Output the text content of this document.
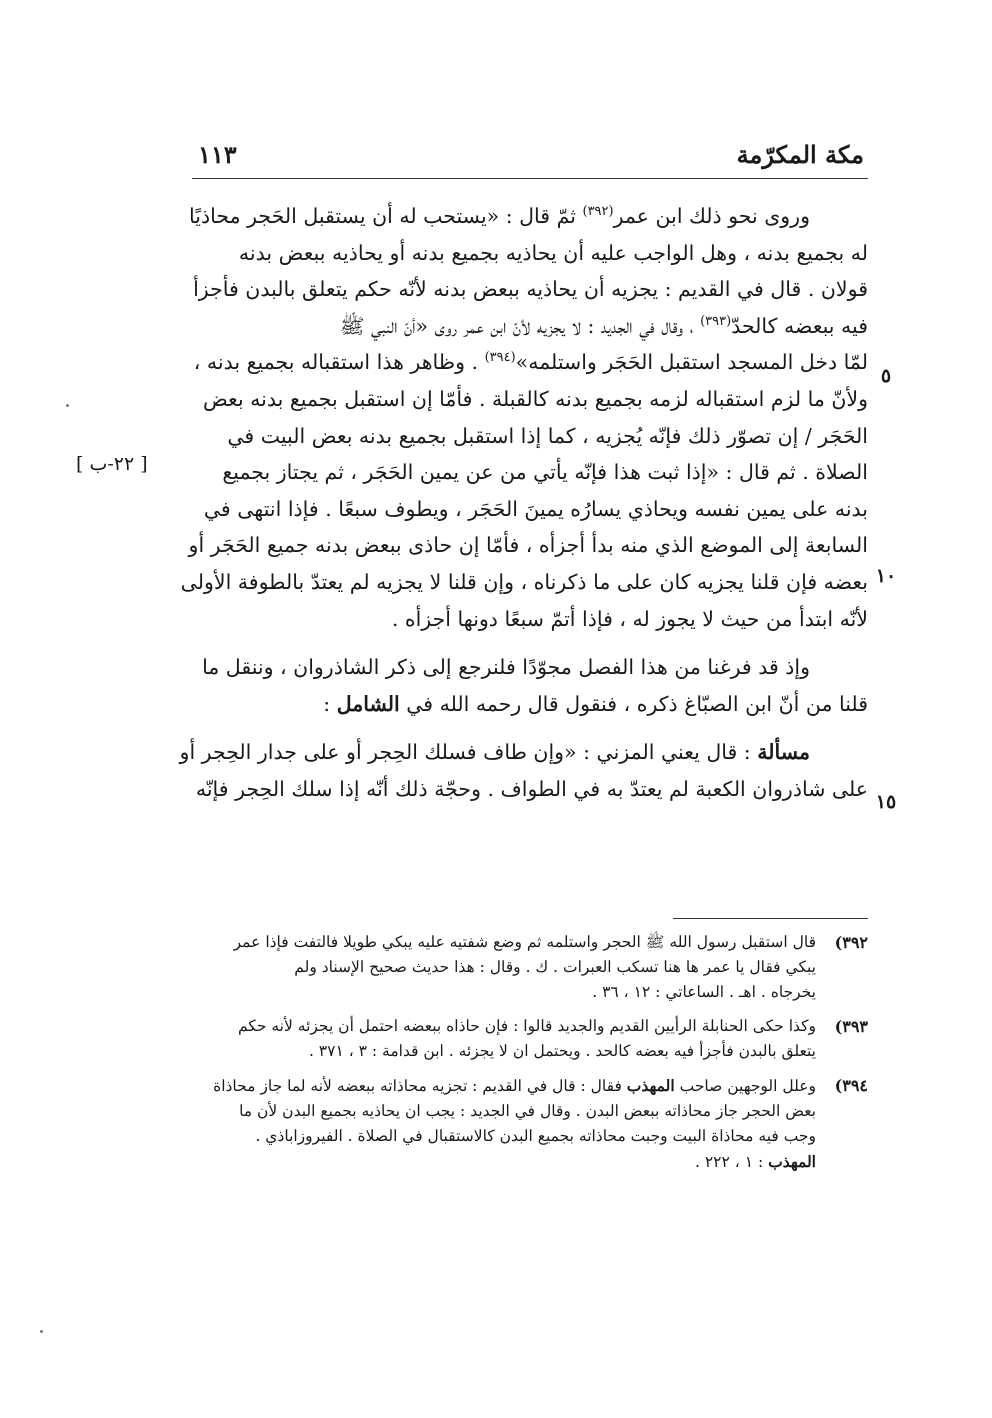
مكة المكرّمة
١١٣
٥
١٠
١٥
[ ٢٢-ب ]
وروى نحو ذلك ابن عمر$^{(٣٩٢)}$ ثمّ قال : «يستحب له أن يستقبل الحَجر محاذيًا
له بجميع بدنه ، وهل الواجب عليه أن يحاذيه بجميع بدنه أو يحاذيه ببعض بدنه
قولان . قال في القديم : يجزيه أن يحاذيه ببعض بدنه لأنّه حكم يتعلق بالبدن فأجزأ
فيه ببعضه كالحدّ$^{(٣٩٣)}$ ، وقال في الجديد : لا يجزيه لأنّ ابن عمر روى «أنّ النبي ﷺ
لمّا دخل المسجد استقبل الحَجَر واستلمه»$^{(٣٩٤)}$ . وظاهر هذا استقباله بجميع بدنه ،
ولأنّ ما لزم استقباله لزمه بجميع بدنه كالقبلة . فأمّا إن استقبل بجميع بدنه بعض
الحَجَر / إن تصوّر ذلك فإنّه يُجزيه ، كما إذا استقبل بجميع بدنه بعض البيت في
الصلاة . ثم قال : «إذا ثبت هذا فإنّه يأتي من عن يمين الحَجَر ، ثم يجتاز بجميع
بدنه على يمين نفسه ويحاذي يسارُه يمينَ الحَجَر ، ويطوف سبعًا . فإذا انتهى في
السابعة إلى الموضع الذي منه بدأ أجزأه ، فأمّا إن حاذى ببعض بدنه جميع الحَجَر أو
بعضه فإن قلنا يجزيه كان على ما ذكرناه ، وإن قلنا لا يجزيه لم يعتدّ بالطوفة الأولى
لأنّه ابتدأ من حيث لا يجوز له ، فإذا أتمّ سبعًا دونها أجزأه .
وإذ قد فرغنا من هذا الفصل مجوّدًا فلنرجع إلى ذكر الشاذروان ، وننقل ما
قلنا من أنّ ابن الصبّاغ ذكره ، فنقول قال رحمه الله في الشامل :
مسألة : قال يعني المزني : «وإن طاف فسلك الحِجر أو على جدار الحِجر أو
على شاذروان الكعبة لم يعتدّ به في الطواف . وحجّة ذلك أنّه إذا سلك الحِجر فإنّه
٣٩٢)
قال استقبل رسول الله ﷺ الحجر واستلمه ثم وضع شفتيه عليه يبكي طويلا فالتفت فإذا عمر
يبكي فقال يا عمر ها هنا تسكب العبرات . ك . وقال : هذا حديث صحيح الإسناد ولم
يخرجاه . اهـ . الساعاتي : ١٢ ، ٣٦ .
٣٩٣)
وكذا حكى الحنابلة الرأيين القديم والجديد قالوا : فإن حاذاه ببعضه احتمل أن يجزئه لأنه حكم
يتعلق بالبدن فأجزأ فيه بعضه كالحد . ويحتمل ان لا يجزئه . ابن قدامة : ٣ ، ٣٧١ .
٣٩٤)
وعلل الوجهين صاحب المهذب فقال : قال في القديم : تجزيه محاذاته ببعضه لأنه لما جاز محاذاة
بعض الحجر جاز محاذاته ببعض البدن . وقال في الجديد : يجب ان يحاذيه بجميع البدن لأن ما
وجب فيه محاذاة البيت وجبت محاذاته بجميع البدن كالاستقبال في الصلاة . الفيروزاباذي .
المهذب : ١ ، ٢٢٢ .
